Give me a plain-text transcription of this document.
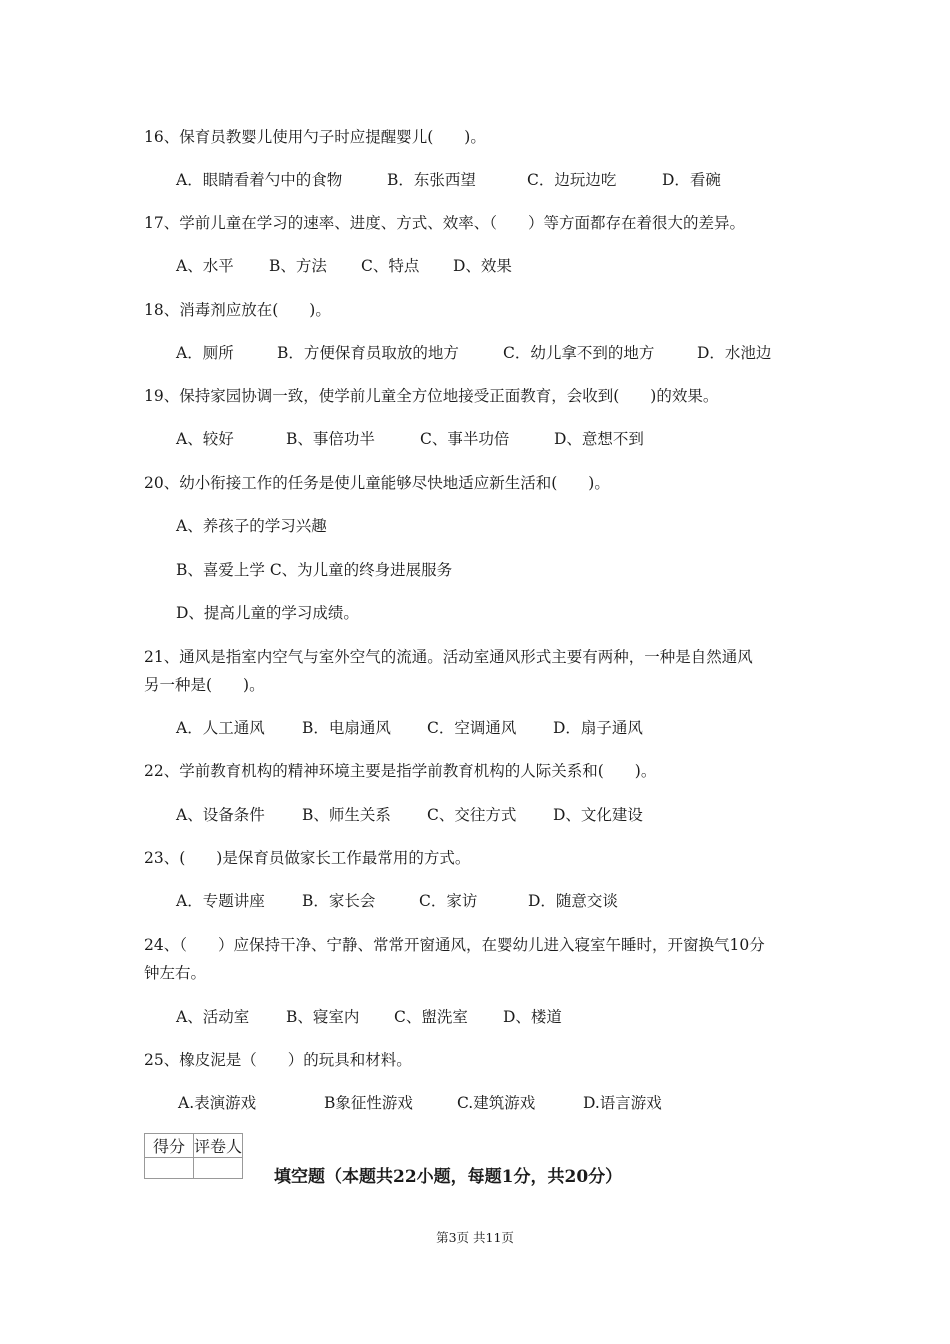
16、保育员教婴儿使用勺子时应提醒婴儿(　　)。
A．眼睛看着勺中的食物	B．东张西望	C．边玩边吃	D．看碗
17、学前儿童在学习的速率、进度、方式、效率、（　　）等方面都存在着很大的差异。
A、水平 B、方法 C、特点 D、效果
18、消毒剂应放在(　　)。
A．厕所	B．方便保育员取放的地方	C．幼儿拿不到的地方	D．水池边
19、保持家园协调一致，使学前儿童全方位地接受正面教育，会收到(　　)的效果。
A、较好	B、事倍功半	C、事半功倍	D、意想不到
20、幼小衔接工作的任务是使儿童能够尽快地适应新生活和(　　)。
A、养孩子的学习兴趣
B、喜爱上学 C、为儿童的终身进展服务
D、提高儿童的学习成绩。
21、通风是指室内空气与室外空气的流通。活动室通风形式主要有两种，一种是自然通风
另一种是(　　)。
A．人工通风 B．电扇通风 C．空调通风 D．扇子通风
22、学前教育机构的精神环境主要是指学前教育机构的人际关系和(　　)。
A、设备条件 B、师生关系 C、交往方式 D、文化建设
23、(　　)是保育员做家长工作最常用的方式。
A．专题讲座 B．家长会	C．家访	D．随意交谈
24、（　　）应保持干净、宁静、常常开窗通风，在婴幼儿进入寝室午睡时，开窗换气10分
钟左右。
A、活动室 B、寝室内 C、盥洗室 D、楼道
25、橡皮泥是（　　）的玩具和材料。
A.表演游戏	B象征性游戏	C.建筑游戏	D.语言游戏
得分	评卷人

填空题（本题共22小题，每题1分，共20分）
第3页 共11页
